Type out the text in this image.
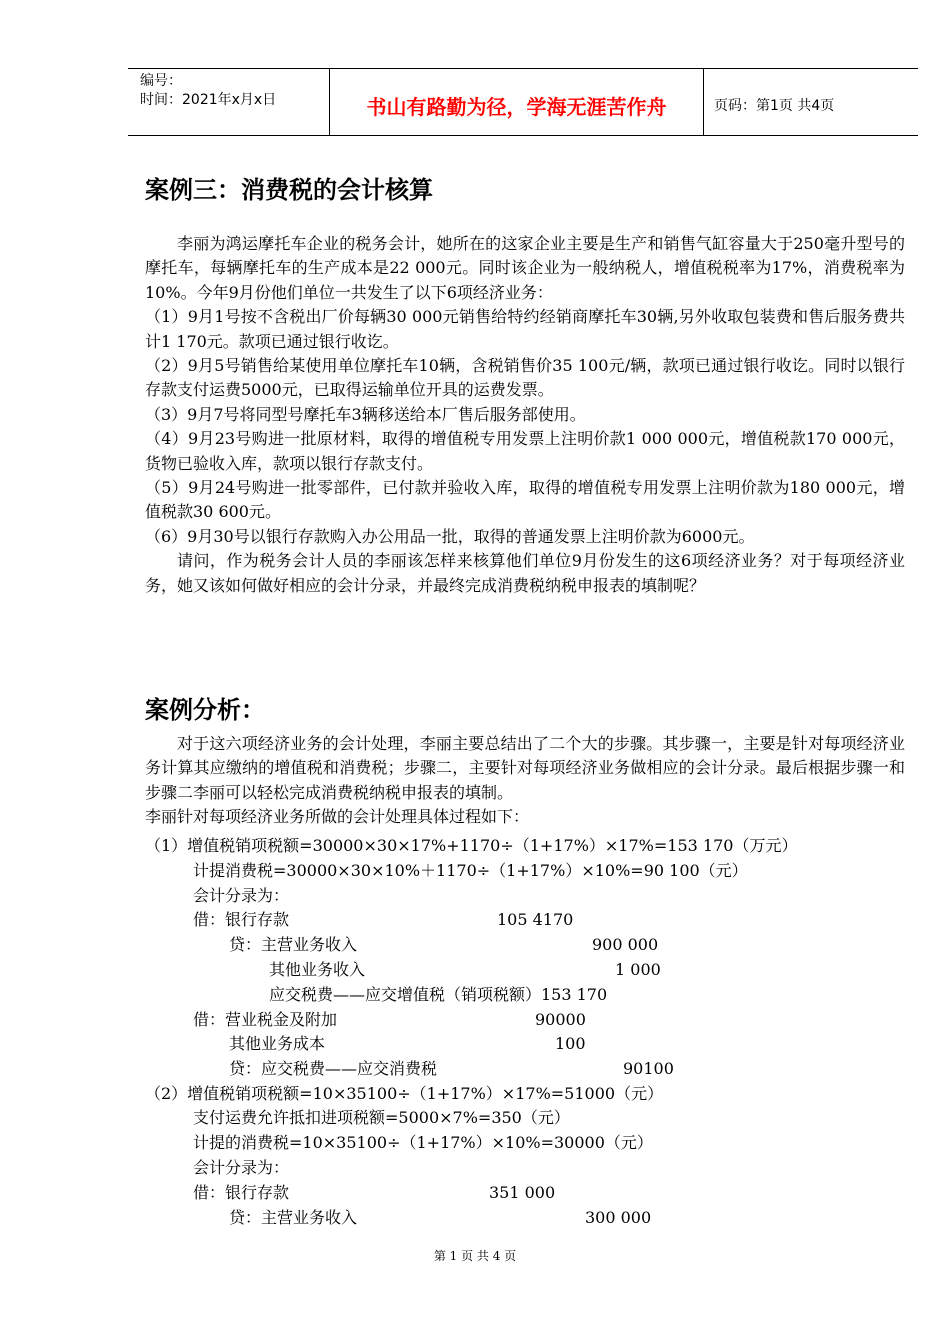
编号：
时间：2021年x月x日	书山有路勤为径，学海无涯苦作舟	页码：第1页 共4页
案例三：消费税的会计核算

李丽为鸿运摩托车企业的税务会计，她所在的这家企业主要是生产和销售气缸容量大于250毫升型号的摩托车，每辆摩托车的生产成本是22 000元。同时该企业为一般纳税人，增值税税率为17%，消费税率为10%。今年9月份他们单位一共发生了以下6项经济业务：

（1）9月1号按不含税出厂价每辆30 000元销售给特约经销商摩托车30辆,另外收取包装费和售后服务费共计1 170元。款项已通过银行收讫。

（2）9月5号销售给某使用单位摩托车10辆，含税销售价35 100元/辆，款项已通过银行收讫。同时以银行存款支付运费5000元，已取得运输单位开具的运费发票。

（3）9月7号将同型号摩托车3辆移送给本厂售后服务部使用。

（4）9月23号购进一批原材料，取得的增值税专用发票上注明价款1 000 000元，增值税款170 000元，货物已验收入库，款项以银行存款支付。

（5）9月24号购进一批零部件，已付款并验收入库，取得的增值税专用发票上注明价款为180 000元，增值税款30 600元。

（6）9月30号以银行存款购入办公用品一批，取得的普通发票上注明价款为6000元。

请问，作为税务会计人员的李丽该怎样来核算他们单位9月份发生的这6项经济业务？对于每项经济业务，她又该如何做好相应的会计分录，并最终完成消费税纳税申报表的填制呢？

案例分析：

对于这六项经济业务的会计处理，李丽主要总结出了二个大的步骤。其步骤一，主要是针对每项经济业务计算其应缴纳的增值税和消费税；步骤二，主要针对每项经济业务做相应的会计分录。最后根据步骤一和步骤二李丽可以轻松完成消费税纳税申报表的填制。

李丽针对每项经济业务所做的会计处理具体过程如下：

（1）增值税销项税额=30000×30×17%+1170÷（1+17%）×17%=153 170（万元）
计提消费税=30000×30×10%＋1170÷（1+17%）×10%=90 100（元）
会计分录为：
借：银行存款	105 4170
贷：主营业务收入	900 000
其他业务收入	1 000
应交税费——应交增值税（销项税额）153 170
借：营业税金及附加	90000
其他业务成本	100
贷：应交税费——应交消费税	90100
（2）增值税销项税额=10×35100÷（1+17%）×17%=51000（元）
支付运费允许抵扣进项税额=5000×7%=350（元）
计提的消费税=10×35100÷（1+17%）×10%=30000（元）
会计分录为：
借：银行存款	351 000
贷：主营业务收入	300 000
第 1 页 共 4 页
